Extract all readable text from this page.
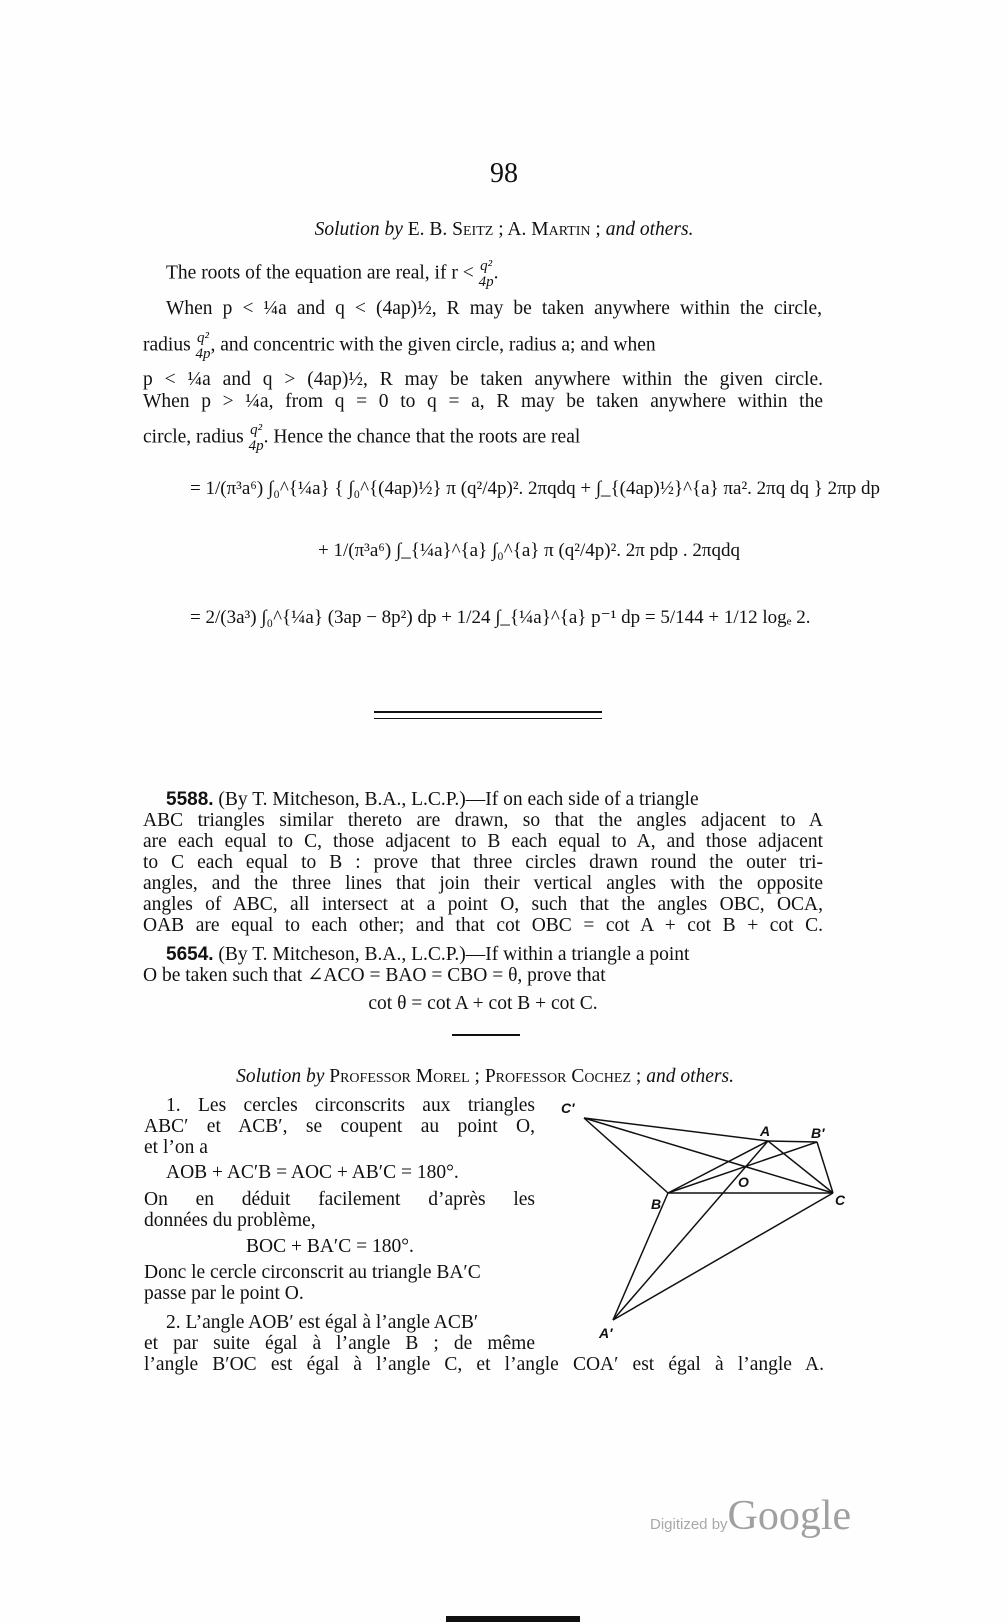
98
Solution by E. B. Seitz ; A. Martin ; and others.
The roots of the equation are real, if r < q²
4p .
When p < ¼a and q < (4ap)½, R may be taken anywhere within the circle,
radius q²
4p , and concentric with the given circle, radius a; and when
p < ¼a and q > (4ap)½, R may be taken anywhere within the given circle.
When p > ¼a, from q = 0 to q = a, R may be taken anywhere within the
circle, radius q²
4p . Hence the chance that the roots are real
= 1/(π³a⁶) ∫₀^{¼a} { ∫₀^{(4ap)½} π (q²/4p)². 2πqdq + ∫_{(4ap)½}^{a} πa². 2πq dq } 2πp dp
+ 1/(π³a⁶) ∫_{¼a}^{a} ∫₀^{a} π (q²/4p)². 2π pdp . 2πqdq
= 2/(3a³) ∫₀^{¼a} (3ap − 8p²) dp + 1/24 ∫_{¼a}^{a} p⁻¹ dp = 5/144 + 1/12 logₑ 2.
5588. (By T. Mitcheson, B.A., L.C.P.)—If on each side of a triangle
ABC triangles similar thereto are drawn, so that the angles adjacent to A
are each equal to C, those adjacent to B each equal to A, and those adjacent
to C each equal to B : prove that three circles drawn round the outer tri-
angles, and the three lines that join their vertical angles with the opposite
angles of ABC, all intersect at a point O, such that the angles OBC, OCA,
OAB are equal to each other; and that cot OBC = cot A + cot B + cot C.
5654. (By T. Mitcheson, B.A., L.C.P.)—If within a triangle a point
O be taken such that ∠ACO = BAO = CBO = θ, prove that
cot θ = cot A + cot B + cot C.
Solution by Professor Morel ; Professor Cochez ; and others.
1. Les cercles circonscrits aux triangles
ABC′ et ACB′, se coupent au point O,
et l’on a
AOB + AC′B = AOC + AB′C = 180°.
On en déduit facilement d’après les
données du problème,
BOC + BA′C = 180°.
Donc le cercle circonscrit au triangle BA′C
passe par le point O.
2. L’angle AOB′ est égal à l’angle ACB′
et par suite égal à l’angle B ; de même
l’angle B′OC est égal à l’angle C, et l’angle COA′ est égal à l’angle A.
C′
A	B′
O
B	C
A′
Digitized byGoogle
